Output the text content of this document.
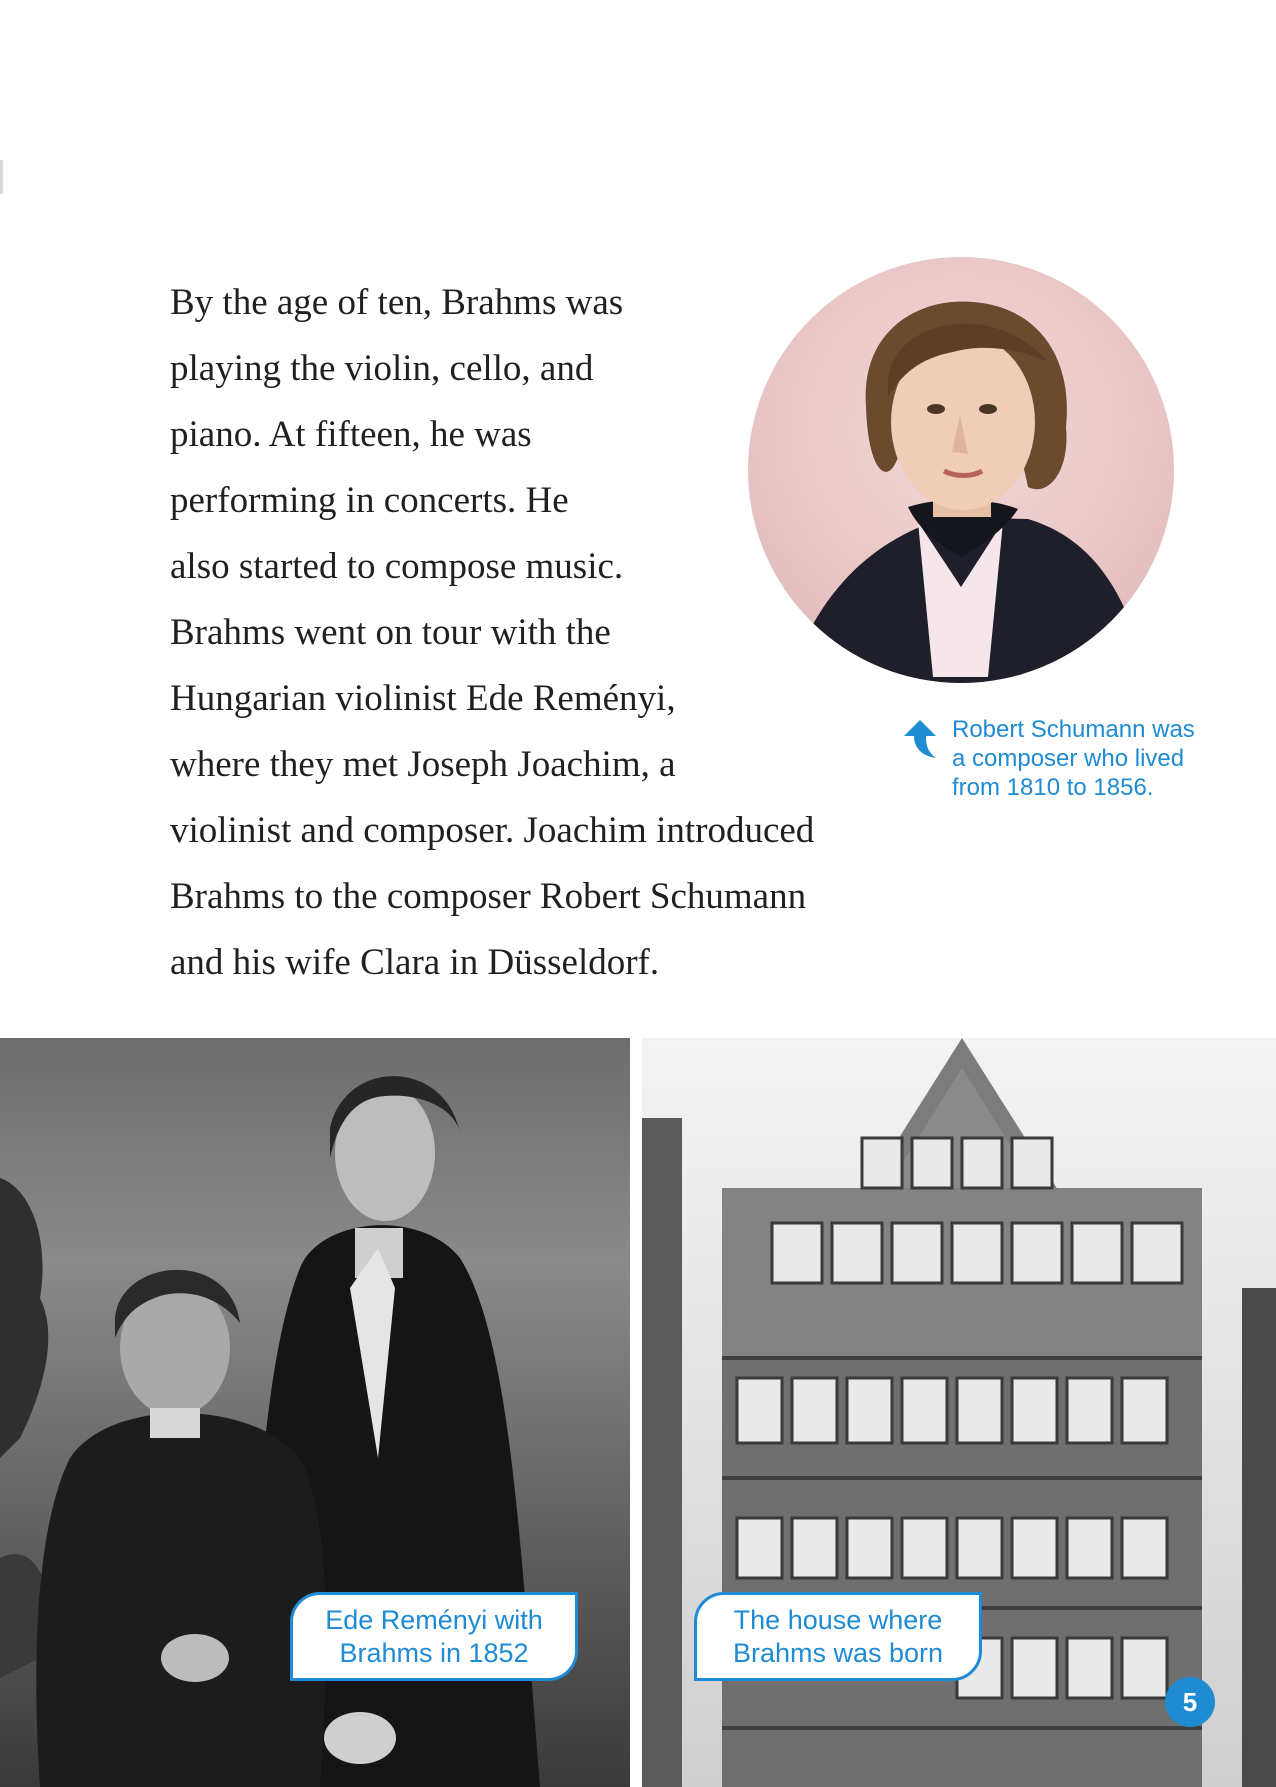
By the age of ten, Brahms was
playing the violin, cello, and
piano. At fifteen, he was
performing in concerts. He
also started to compose music.
Brahms went on tour with the
Hungarian violinist Ede Reményi,
where they met Joseph Joachim, a
violinist and composer. Joachim introduced
Brahms to the composer Robert Schumann
and his wife Clara in Düsseldorf.

Robert Schumann was
a composer who lived
from 1810 to 1856.

Ede Reményi with
Brahms in 1852
The house where
Brahms was born
5
